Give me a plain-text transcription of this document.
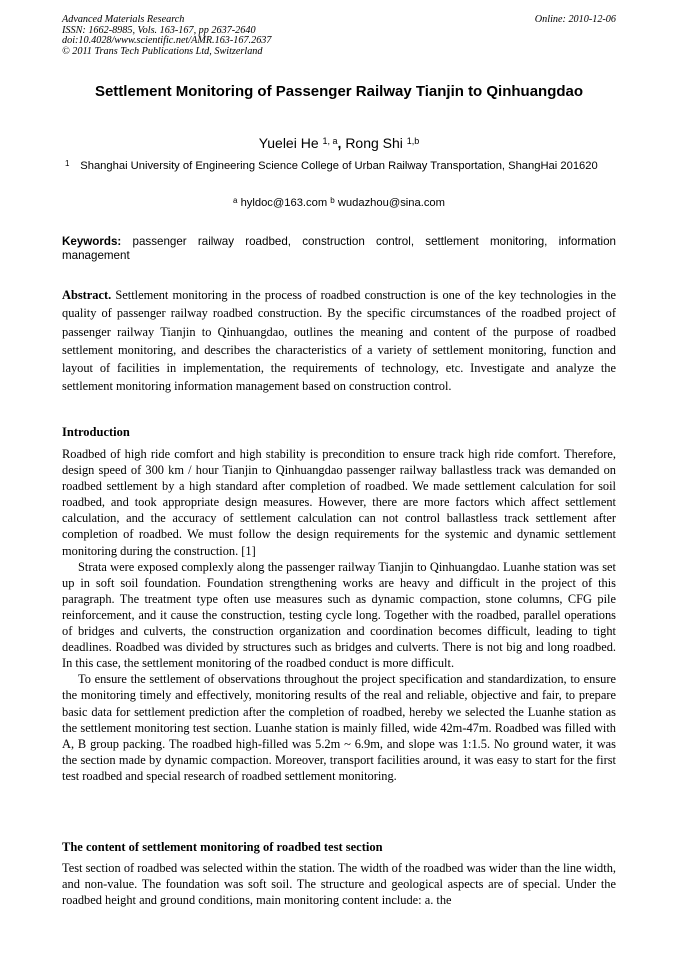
Advanced Materials Research
ISSN: 1662-8985, Vols. 163-167, pp 2637-2640
doi:10.4028/www.scientific.net/AMR.163-167.2637
© 2011 Trans Tech Publications Ltd, Switzerland
Online: 2010-12-06
Settlement Monitoring of Passenger Railway Tianjin to Qinhuangdao
Yuelei He $^{1, a}$, Rong Shi $^{1,b}$
1 Shanghai University of Engineering Science College of Urban Railway Transportation, ShangHai 201620
$^a$ hyldoc@163.com $^b$ wudazhou@sina.com
Keywords: passenger railway roadbed, construction control, settlement monitoring, information management
Abstract. Settlement monitoring in the process of roadbed construction is one of the key technologies in the quality of passenger railway roadbed construction. By the specific circumstances of the roadbed project of passenger railway Tianjin to Qinhuangdao, outlines the meaning and content of the purpose of roadbed settlement monitoring, and describes the characteristics of a variety of settlement monitoring, function and layout of facilities in implementation, the requirements of technology, etc. Investigate and analyze the settlement monitoring information management based on construction control.
Introduction

Roadbed of high ride comfort and high stability is precondition to ensure track high ride comfort. Therefore, design speed of 300 km / hour Tianjin to Qinhuangdao passenger railway ballastless track was demanded on roadbed settlement by a high standard after completion of roadbed. We made settlement calculation for soil roadbed, and took appropriate design measures. However, there are more factors which affect settlement calculation, and the accuracy of settlement calculation can not control ballastless track settlement after completion of roadbed. We must follow the design requirements for the systemic and dynamic settlement monitoring during the construction. [1]

Strata were exposed complexly along the passenger railway Tianjin to Qinhuangdao. Luanhe station was set up in soft soil foundation. Foundation strengthening works are heavy and difficult in the project of this paragraph. The treatment type often use measures such as dynamic compaction, stone columns, CFG pile reinforcement, and it cause the construction, testing cycle long. Together with the roadbed, parallel operations of bridges and culverts, the construction organization and coordination becomes difficult, leading to tight deadlines. Roadbed was divided by structures such as bridges and culverts. There is not big and long roadbed. In this case, the settlement monitoring of the roadbed conduct is more difficult.

To ensure the settlement of observations throughout the project specification and standardization, to ensure the monitoring timely and effectively, monitoring results of the real and reliable, objective and fair, to prepare basic data for settlement prediction after the completion of roadbed, hereby we selected the Luanhe station as the settlement monitoring test section. Luanhe station is mainly filled, wide 42m-47m. Roadbed was filled with A, B group packing. The roadbed high-filled was 5.2m ~ 6.9m, and slope was 1:1.5. No ground water, it was the section made by dynamic compaction. Moreover, transport facilities around, it was easy to start for the first test roadbed and special research of roadbed settlement monitoring.

The content of settlement monitoring of roadbed test section

Test section of roadbed was selected within the station. The width of the roadbed was wider than the line width, and non-value. The foundation was soft soil. The structure and geological aspects are of special. Under the roadbed height and ground conditions, main monitoring content include: a. the
